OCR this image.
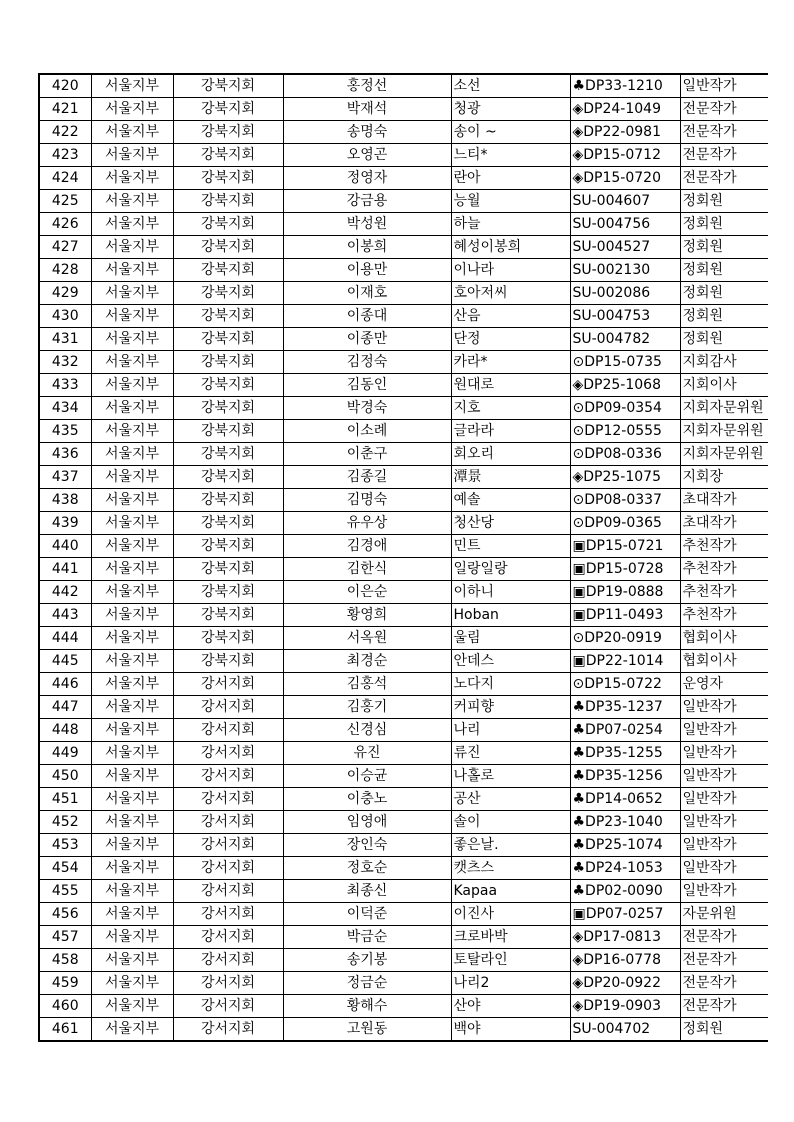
420	서울지부	강북지회	홍정선	소선	♣DP33-1210	일반작가
421	서울지부	강북지회	박재석	청광	◈DP24-1049	전문작가
422	서울지부	강북지회	송명숙	송이 ~	◈DP22-0981	전문작가
423	서울지부	강북지회	오영곤	느티*	◈DP15-0712	전문작가
424	서울지부	강북지회	정영자	란아	◈DP15-0720	전문작가
425	서울지부	강북지회	강금용	능월	SU-004607	정회원
426	서울지부	강북지회	박성원	하늘	SU-004756	정회원
427	서울지부	강북지회	이봉희	혜성이봉희	SU-004527	정회원
428	서울지부	강북지회	이용만	이나라	SU-002130	정회원
429	서울지부	강북지회	이재호	호아저씨	SU-002086	정회원
430	서울지부	강북지회	이종대	산음	SU-004753	정회원
431	서울지부	강북지회	이종만	단정	SU-004782	정회원
432	서울지부	강북지회	김정숙	카라*	⊙DP15-0735	지회감사
433	서울지부	강북지회	김동인	원대로	◈DP25-1068	지회이사
434	서울지부	강북지회	박경숙	지호	⊙DP09-0354	지회자문위원
435	서울지부	강북지회	이소례	글라라	⊙DP12-0555	지회자문위원
436	서울지부	강북지회	이춘구	회오리	⊙DP08-0336	지회자문위원
437	서울지부	강북지회	김종길	潭景	◈DP25-1075	지회장
438	서울지부	강북지회	김명숙	예솔	⊙DP08-0337	초대작가
439	서울지부	강북지회	유우상	청산당	⊙DP09-0365	초대작가
440	서울지부	강북지회	김경애	민트	▣DP15-0721	추천작가
441	서울지부	강북지회	김한식	일랑일랑	▣DP15-0728	추천작가
442	서울지부	강북지회	이은순	이하니	▣DP19-0888	추천작가
443	서울지부	강북지회	황영희	Hoban	▣DP11-0493	추천작가
444	서울지부	강북지회	서옥원	울림	⊙DP20-0919	협회이사
445	서울지부	강북지회	최경순	안데스	▣DP22-1014	협회이사
446	서울지부	강서지회	김홍석	노다지	⊙DP15-0722	운영자
447	서울지부	강서지회	김홍기	커피향	♣DP35-1237	일반작가
448	서울지부	강서지회	신경심	나리	♣DP07-0254	일반작가
449	서울지부	강서지회	유진	류진	♣DP35-1255	일반작가
450	서울지부	강서지회	이승균	나홀로	♣DP35-1256	일반작가
451	서울지부	강서지회	이충노	공산	♣DP14-0652	일반작가
452	서울지부	강서지회	임영애	솔이	♣DP23-1040	일반작가
453	서울지부	강서지회	장인숙	좋은날.	♣DP25-1074	일반작가
454	서울지부	강서지회	정호순	캣츠스	♣DP24-1053	일반작가
455	서울지부	강서지회	최종신	Kapaa	♣DP02-0090	일반작가
456	서울지부	강서지회	이덕준	이진사	▣DP07-0257	자문위원
457	서울지부	강서지회	박금순	크로바박	◈DP17-0813	전문작가
458	서울지부	강서지회	송기봉	토탈라인	◈DP16-0778	전문작가
459	서울지부	강서지회	정금순	나리2	◈DP20-0922	전문작가
460	서울지부	강서지회	황해수	산야	◈DP19-0903	전문작가
461	서울지부	강서지회	고원동	백야	SU-004702	정회원
